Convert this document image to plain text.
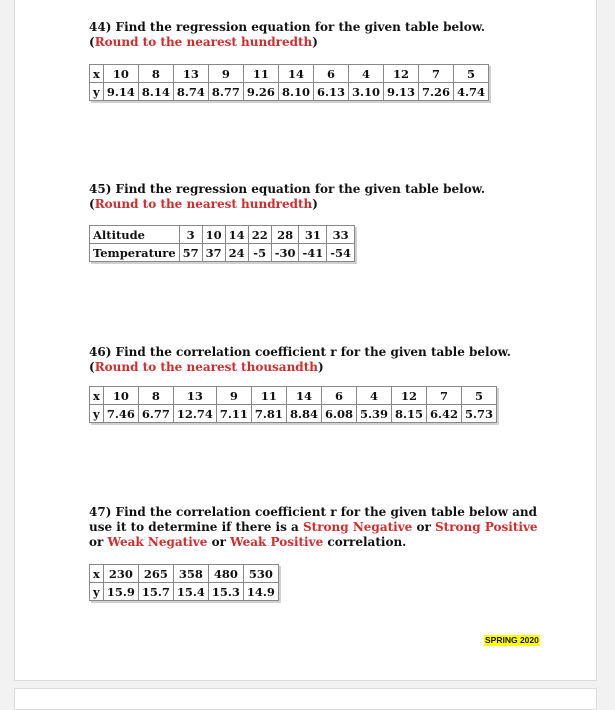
44) Find the regression equation for the given table below. (Round to the nearest hundredth)
x	10	8	13	9	11	14	6	4	12	7	5
y	9.14	8.14	8.74	8.77	9.26	8.10	6.13	3.10	9.13	7.26	4.74
45) Find the regression equation for the given table below. (Round to the nearest hundredth)
Altitude	3	10	14	22	28	31	33
Temperature	57	37	24	-5	-30	-41	-54
46) Find the correlation coefficient r for the given table below. (Round to the nearest thousandth)
x	10	8	13	9	11	14	6	4	12	7	5
y	7.46	6.77	12.74	7.11	7.81	8.84	6.08	5.39	8.15	6.42	5.73
47) Find the correlation coefficient r for the given table below and use it to determine if there is a Strong Negative or Strong Positive or Weak Negative or Weak Positive correlation.
x	230	265	358	480	530
y	15.9	15.7	15.4	15.3	14.9
SPRING 2020
